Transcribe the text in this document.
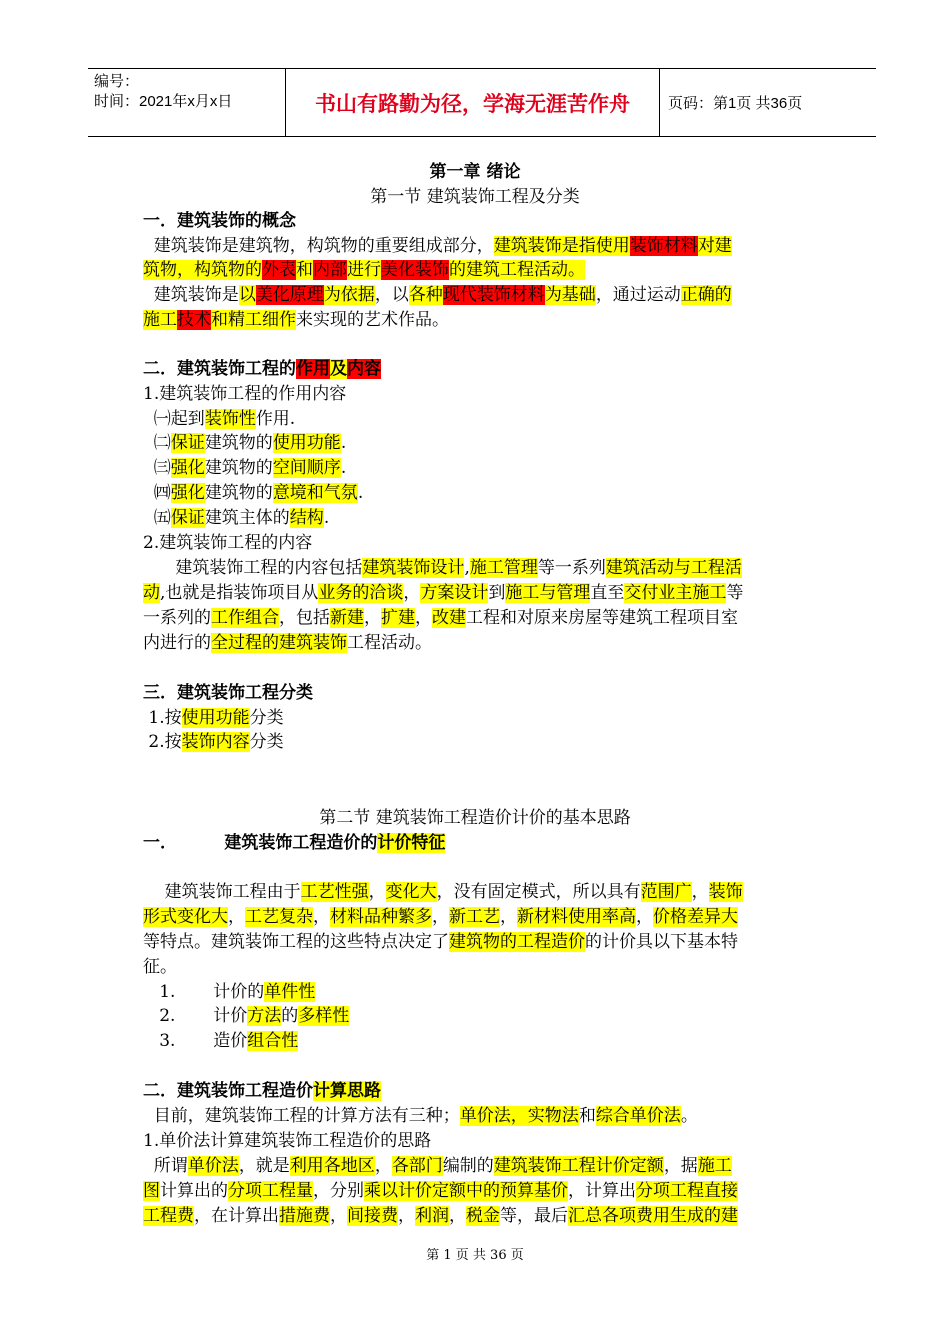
编号：
时间：2021年x月x日	书山有路勤为径，学海无涯苦作舟	页码：第1页 共36页
第一章 绪论
第一节 建筑装饰工程及分类
一．建筑装饰的概念
建筑装饰是建筑物，构筑物的重要组成部分，建筑装饰是指使用装饰材料对建
筑物，构筑物的外表和内部进行美化装饰的建筑工程活动。
建筑装饰是以美化原理为依据，以各种现代装饰材料为基础，通过运动正确的
施工技术和精工细作来实现的艺术作品。
二．建筑装饰工程的作用及内容
1.建筑装饰工程的作用内容
㈠起到装饰性作用.
㈡保证建筑物的使用功能.
㈢强化建筑物的空间顺序.
㈣强化建筑物的意境和气氛.
㈤保证建筑主体的结构.
2.建筑装饰工程的内容
建筑装饰工程的内容包括建筑装饰设计,施工管理等一系列建筑活动与工程活
动,也就是指装饰项目从业务的洽谈，方案设计到施工与管理直至交付业主施工等
一系列的工作组合，包括新建，扩建，改建工程和对原来房屋等建筑工程项目室
内进行的全过程的建筑装饰工程活动。
三．建筑装饰工程分类
1.按使用功能分类
2.按装饰内容分类
第二节 建筑装饰工程造价计价的基本思路
一．        建筑装饰工程造价的计价特征
建筑装饰工程由于工艺性强，变化大，没有固定模式，所以具有范围广，装饰
形式变化大，工艺复杂，材料品种繁多，新工艺，新材料使用率高，价格差异大
等特点。建筑装饰工程的这些特点决定了建筑物的工程造价的计价具以下基本特
征。
1.       计价的单件性
2.       计价方法的多样性
3.       造价组合性
二．建筑装饰工程造价计算思路
目前，建筑装饰工程的计算方法有三种；单价法，实物法和综合单价法。
1.单价法计算建筑装饰工程造价的思路
所谓单价法，就是利用各地区，各部门编制的建筑装饰工程计价定额，据施工
图计算出的分项工程量，分别乘以计价定额中的预算基价，计算出分项工程直接
工程费，在计算出措施费，间接费，利润，税金等，最后汇总各项费用生成的建
第 1 页 共 36 页
